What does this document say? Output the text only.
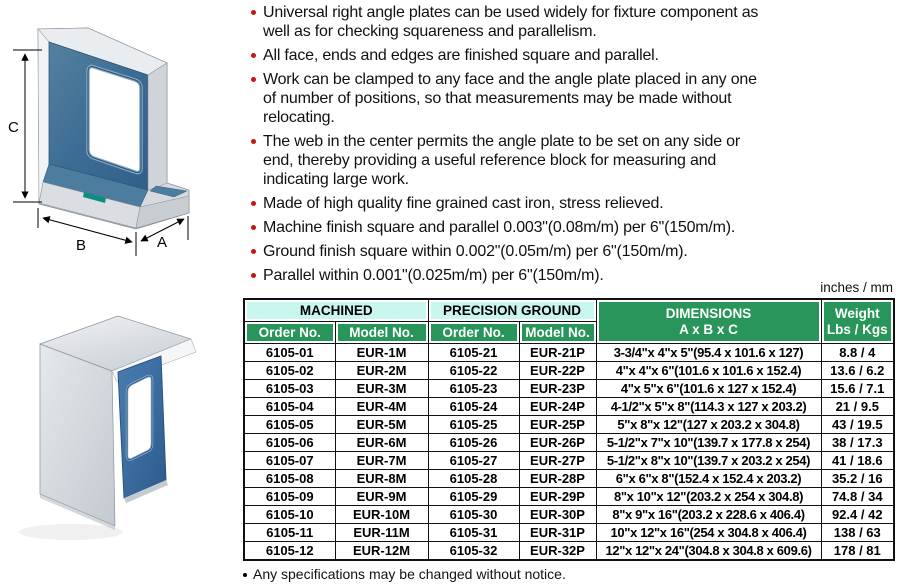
C
B	A
Universal right angle plates can be used widely for fixture component as well as for checking squareness and parallelism.
All face, ends and edges are finished square and parallel.
Work can be clamped to any face and the angle plate placed in any one of number of positions, so that measurements may be made without relocating.
The web in the center permits the angle plate to be set on any side or end, thereby providing a useful reference block for measuring and indicating large work.
Made of high quality fine grained cast iron, stress relieved.
Machine finish square and parallel 0.003"(0.08m/m) per 6"(150m/m).
Ground finish square within 0.002"(0.05m/m) per 6"(150m/m).
Parallel within 0.001"(0.025m/m) per 6"(150m/m).
inches / mm
MACHINED	PRECISION GROUND	DIMENSIONS
A x B x C

Weight
Lbs / Kgs

Order No.	Model No.	Order No.	Model No.		
6105-01	EUR-1M	6105-21	EUR-21P	3-3/4"x 4"x 5"(95.4 x 101.6 x 127)	8.8 / 4
6105-02	EUR-2M	6105-22	EUR-22P	4"x 4"x 6"(101.6 x 101.6 x 152.4)	13.6 / 6.2
6105-03	EUR-3M	6105-23	EUR-23P	4"x 5"x 6"(101.6 x 127 x 152.4)	15.6 / 7.1
6105-04	EUR-4M	6105-24	EUR-24P	4-1/2"x 5"x 8"(114.3 x 127 x 203.2)	21 / 9.5
6105-05	EUR-5M	6105-25	EUR-25P	5"x 8"x 12"(127 x 203.2 x 304.8)	43 / 19.5
6105-06	EUR-6M	6105-26	EUR-26P	5-1/2"x 7"x 10"(139.7 x 177.8 x 254)	38 / 17.3
6105-07	EUR-7M	6105-27	EUR-27P	5-1/2"x 8"x 10"(139.7 x 203.2 x 254)	41 / 18.6
6105-08	EUR-8M	6105-28	EUR-28P	6"x 6"x 8"(152.4 x 152.4 x 203.2)	35.2 / 16
6105-09	EUR-9M	6105-29	EUR-29P	8"x 10"x 12"(203.2 x 254 x 304.8)	74.8 / 34
6105-10	EUR-10M	6105-30	EUR-30P	8"x 9"x 16"(203.2 x 228.6 x 406.4)	92.4 / 42
6105-11	EUR-11M	6105-31	EUR-31P	10"x 12"x 16"(254 x 304.8 x 406.4)	138 / 63
6105-12	EUR-12M	6105-32	EUR-32P	12"x 12"x 24"(304.8 x 304.8 x 609.6)	178 / 81
Any specifications may be changed without notice.
